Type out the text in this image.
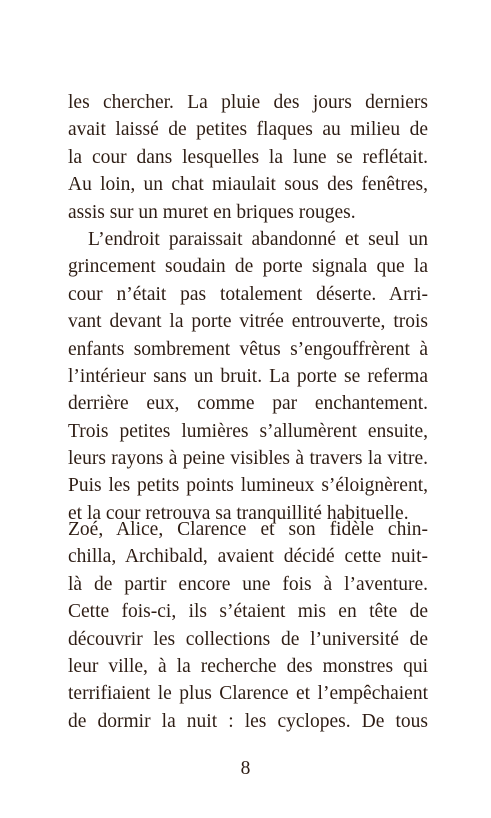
les chercher. La pluie des jours derniers
avait laissé de petites flaques au milieu de
la cour dans lesquelles la lune se reflétait.
Au loin, un chat miaulait sous des fenêtres,
assis sur un muret en briques rouges.
L’endroit paraissait abandonné et seul un
grincement soudain de porte signala que la
cour n’était pas totalement déserte. Arri-
vant devant la porte vitrée entrouverte, trois
enfants sombrement vêtus s’engouffrèrent à
l’intérieur sans un bruit. La porte se referma
derrière eux, comme par enchantement.
Trois petites lumières s’allumèrent ensuite,
leurs rayons à peine visibles à travers la vitre.
Puis les petits points lumineux s’éloignèrent,
et la cour retrouva sa tranquillité habituelle.
Zoé, Alice, Clarence et son fidèle chin-
chilla, Archibald, avaient décidé cette nuit-
là de partir encore une fois à l’aventure.
Cette fois-ci, ils s’étaient mis en tête de
découvrir les collections de l’université de
leur ville, à la recherche des monstres qui
terrifiaient le plus Clarence et l’empêchaient
de dormir la nuit : les cyclopes. De tous
8
